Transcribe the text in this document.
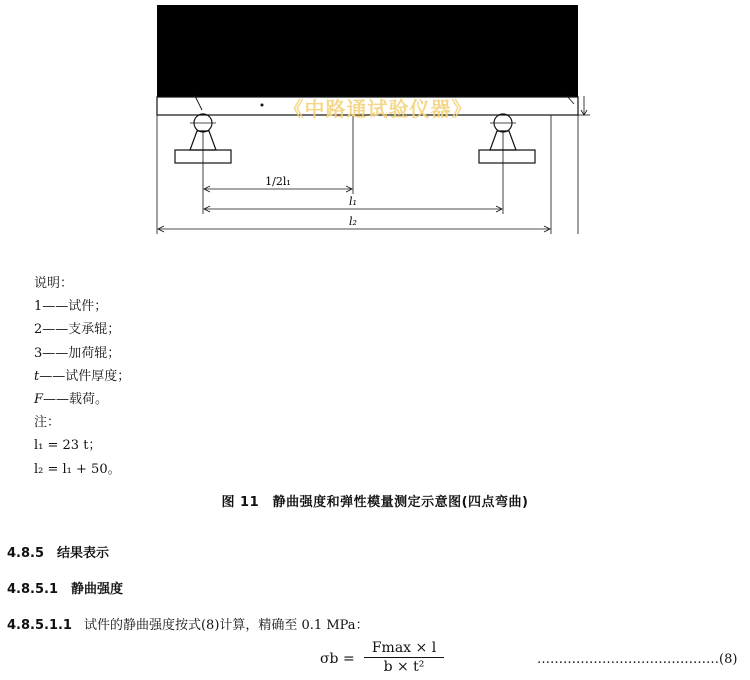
1/2l₁
l₁
l₂
《中路通试验仪器》
说明：
1——试件；
2——支承辊；
3——加荷辊；
t——试件厚度；
F——载荷。
注：
l₁ = 23 t；
l₂ = l₁ + 50。
图 11　静曲强度和弹性模量测定示意图(四点弯曲)
4.8.5　结果表示
4.8.5.1　静曲强度
4.8.5.1.1 试件的静曲强度按式(8)计算，精确至 0.1 MPa：
σb =
Fmax × l
b × t²	……………………………………(8)
